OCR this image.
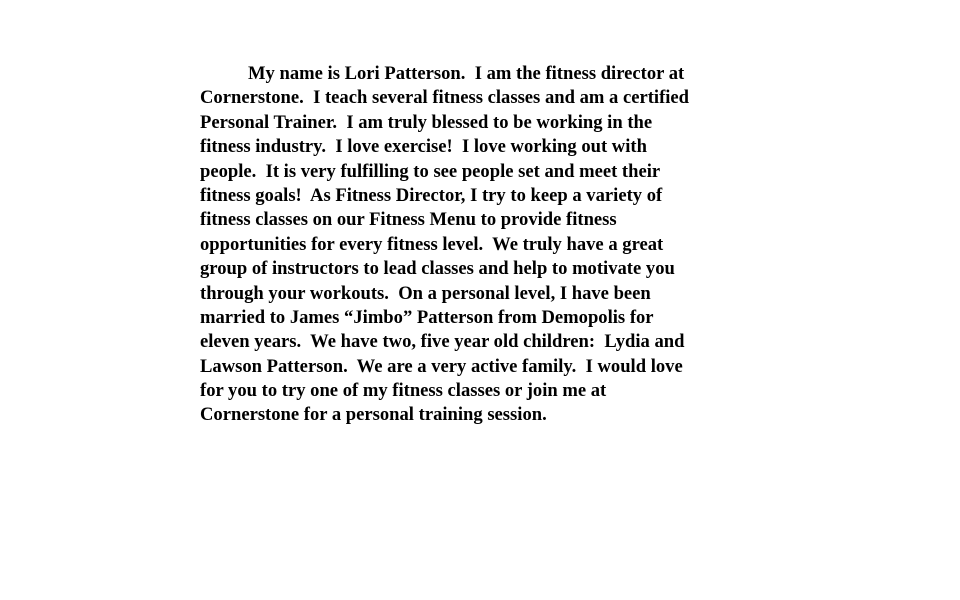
My name is Lori Patterson.  I am the fitness director at
Cornerstone.  I teach several fitness classes and am a certified
Personal Trainer.  I am truly blessed to be working in the
fitness industry.  I love exercise!  I love working out with
people.  It is very fulfilling to see people set and meet their
fitness goals!  As Fitness Director, I try to keep a variety of
fitness classes on our Fitness Menu to provide fitness
opportunities for every fitness level.  We truly have a great
group of instructors to lead classes and help to motivate you
through your workouts.  On a personal level, I have been
married to James “Jimbo” Patterson from Demopolis for
eleven years.  We have two, five year old children:  Lydia and
Lawson Patterson.  We are a very active family.  I would love
for you to try one of my fitness classes or join me at
Cornerstone for a personal training session.
